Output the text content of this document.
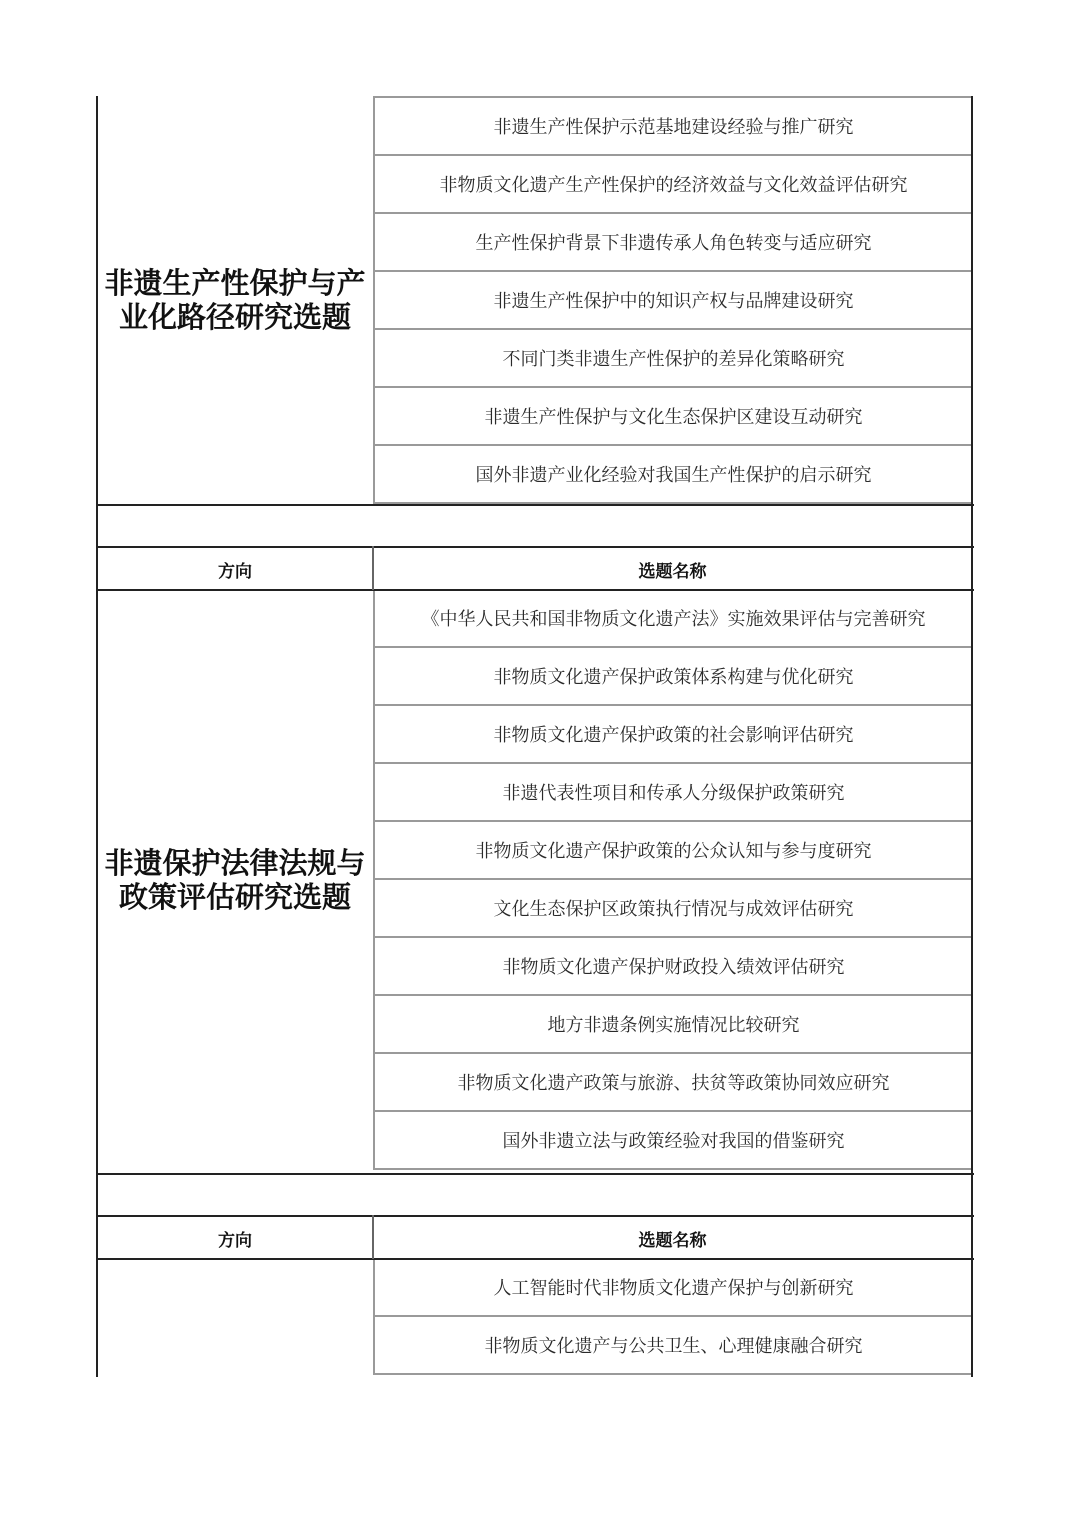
非遗生产性保护与产业化路径研究选题
非遗生产性保护示范基地建设经验与推广研究
非物质文化遗产生产性保护的经济效益与文化效益评估研究
生产性保护背景下非遗传承人角色转变与适应研究
非遗生产性保护中的知识产权与品牌建设研究
不同门类非遗生产性保护的差异化策略研究
非遗生产性保护与文化生态保护区建设互动研究
国外非遗产业化经验对我国生产性保护的启示研究
方向	选题名称
非遗保护法律法规与政策评估研究选题
《中华人民共和国非物质文化遗产法》实施效果评估与完善研究
非物质文化遗产保护政策体系构建与优化研究
非物质文化遗产保护政策的社会影响评估研究
非遗代表性项目和传承人分级保护政策研究
非物质文化遗产保护政策的公众认知与参与度研究
文化生态保护区政策执行情况与成效评估研究
非物质文化遗产保护财政投入绩效评估研究
地方非遗条例实施情况比较研究
非物质文化遗产政策与旅游、扶贫等政策协同效应研究
国外非遗立法与政策经验对我国的借鉴研究
方向	选题名称
人工智能时代非物质文化遗产保护与创新研究
非物质文化遗产与公共卫生、心理健康融合研究
